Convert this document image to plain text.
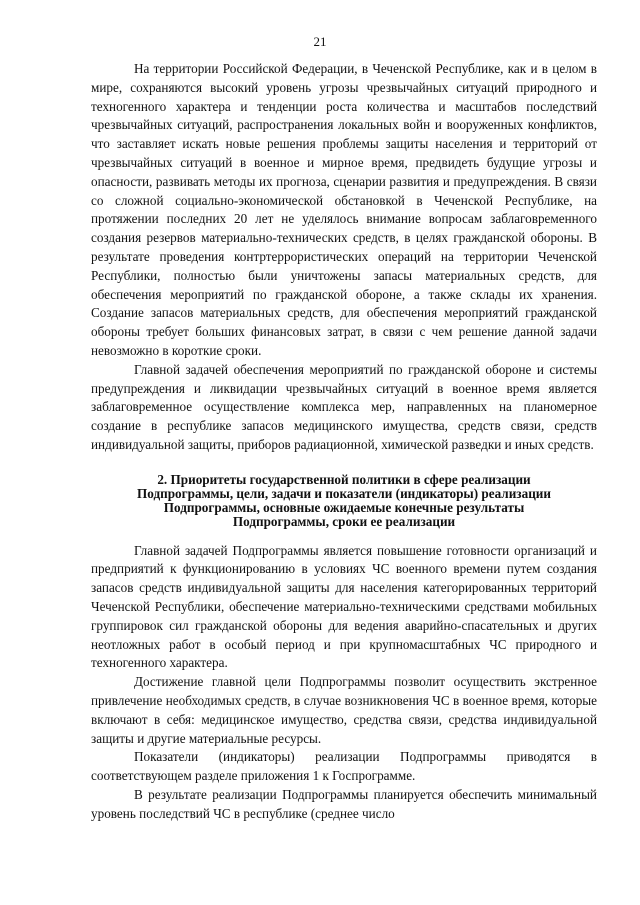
21

На территории Российской Федерации, в Чеченской Республике, как и в целом в мире, сохраняются высокий уровень угрозы чрезвычайных ситуаций природного и техногенного характера и тенденции роста количества и масштабов последствий чрезвычайных ситуаций, распространения локальных войн и вооруженных конфликтов, что заставляет искать новые решения проблемы защиты населения и территорий от чрезвычайных ситуаций в военное и мирное время, предвидеть будущие угрозы и опасности, развивать методы их прогноза, сценарии развития и предупреждения. В связи со сложной социально-экономической обстановкой в Чеченской Республике, на протяжении последних 20 лет не уделялось внимание вопросам заблаговременного создания резервов материально-технических средств, в целях гражданской обороны. В результате проведения контртеррористических операций на территории Чеченской Республики, полностью были уничтожены запасы материальных средств, для обеспечения мероприятий по гражданской обороне, а также склады их хранения. Создание запасов материальных средств, для обеспечения мероприятий гражданской обороны требует больших финансовых затрат, в связи с чем решение данной задачи невозможно в короткие сроки.

Главной задачей обеспечения мероприятий по гражданской обороне и системы предупреждения и ликвидации чрезвычайных ситуаций в военное время является заблаговременное осуществление комплекса мер, направленных на планомерное создание в республике запасов медицинского имущества, средств связи, средств индивидуальной защиты, приборов радиационной, химической разведки и иных средств.

2. Приоритеты государственной политики в сфере реализации
Подпрограммы, цели, задачи и показатели (индикаторы) реализации
Подпрограммы, основные ожидаемые конечные результаты
Подпрограммы, сроки ее реализации

Главной задачей Подпрограммы является повышение готовности организаций и предприятий к функционированию в условиях ЧС военного времени путем создания запасов средств индивидуальной защиты для населения категорированных территорий Чеченской Республики, обеспечение материально-техническими средствами мобильных группировок сил гражданской обороны для ведения аварийно-спасательных и других неотложных работ в особый период и при крупномасштабных ЧС природного и техногенного характера.

Достижение главной цели Подпрограммы позволит осуществить экстренное привлечение необходимых средств, в случае возникновения ЧС в военное время, которые включают в себя: медицинское имущество, средства связи, средства индивидуальной защиты и другие материальные ресурсы.

Показатели (индикаторы) реализации Подпрограммы приводятся в соответствующем разделе приложения 1 к Госпрограмме.

В результате реализации Подпрограммы планируется обеспечить минимальный уровень последствий ЧС в республике (среднее число
